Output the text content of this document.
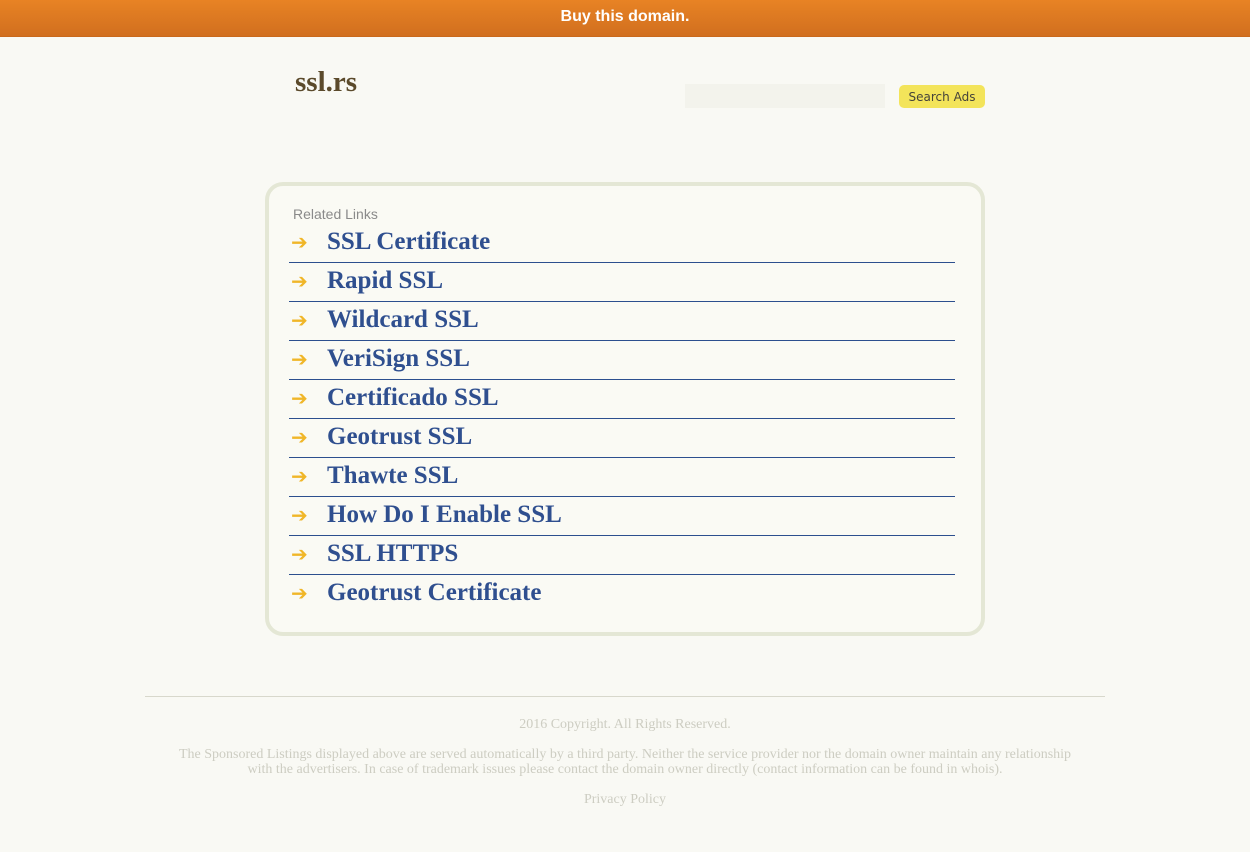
Buy this domain.
ssl.rs	Search Ads
Related Links
➔ SSL Certificate
➔ Rapid SSL
➔ Wildcard SSL
➔ VeriSign SSL
➔ Certificado SSL
➔ Geotrust SSL
➔ Thawte SSL
➔ How Do I Enable SSL
➔ SSL HTTPS
➔ Geotrust Certificate
2016 Copyright. All Rights Reserved.
The Sponsored Listings displayed above are served automatically by a third party. Neither the service provider nor the domain owner maintain any relationship with the advertisers. In case of trademark issues please contact the domain owner directly (contact information can be found in whois).
Privacy Policy
